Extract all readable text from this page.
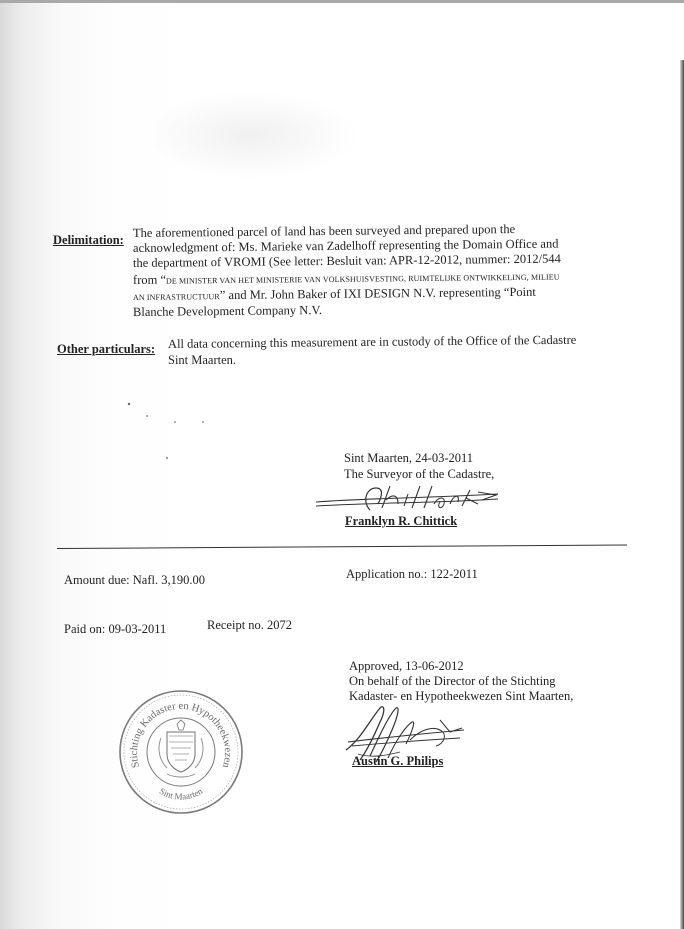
Delimitation:
The aforementioned parcel of land has been surveyed and prepared upon the
acknowledgment of: Ms. Marieke van Zadelhoff representing the Domain Office and
the department of VROMI (See letter: Besluit van: APR-12-2012, nummer: 2012/544
from “DE MINISTER VAN HET MINISTERIE VAN VOLKSHUISVESTING, RUIMTELIJKE ONTWIKKELING, MILIEU
AN INFRASTRUCTUUR” and Mr. John Baker of IXI DESIGN N.V. representing “Point
Blanche Development Company N.V.
Other particulars: All data concerning this measurement are in custody of the Office of the Cadastre
Sint Maarten.
Sint Maarten, 24-03-2011
The Surveyor of the Cadastre,
Franklyn R. Chittick
Amount due: Nafl. 3,190.00	Application no.: 122-2011
Paid on: 09-03-2011	Receipt no. 2072
Approved, 13-06-2012
On behalf of the Director of the Stichting
Kadaster- en Hypotheekwezen Sint Maarten,
Austin G. Philips
Stichting Kadaster en Hypotheekwezen
Sint Maarten
